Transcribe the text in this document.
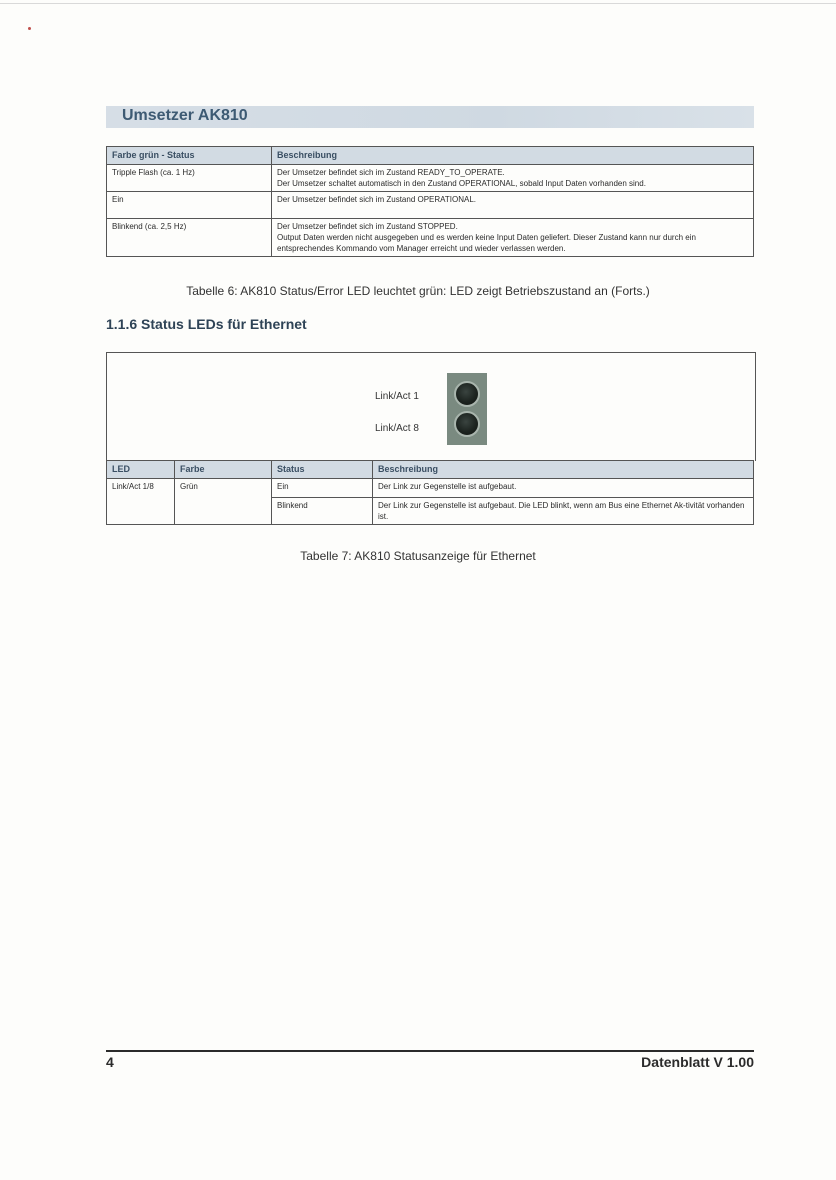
Umsetzer AK810
Farbe grün - Status	Beschreibung
Tripple Flash (ca. 1 Hz)	Der Umsetzer befindet sich im Zustand READY_TO_OPERATE.
Der Umsetzer schaltet automatisch in den Zustand OPERATIONAL, sobald Input Daten vorhanden sind.

Ein	Der Umsetzer befindet sich im Zustand OPERATIONAL.

Blinkend (ca. 2,5 Hz)	Der Umsetzer befindet sich im Zustand STOPPED.
Output Daten werden nicht ausgegeben und es werden keine Input Daten geliefert. Dieser Zustand kann nur durch ein entsprechendes Kommando vom Manager erreicht und wieder verlassen werden.
Tabelle 6: AK810 Status/Error LED leuchtet grün: LED zeigt Betriebszustand an (Forts.)
1.1.6 Status LEDs für Ethernet
Link/Act 1
Link/Act 8
LED	Farbe	Status	Beschreibung
Link/Act 1/8	Grün	Ein	Der Link zur Gegenstelle ist aufgebaut.
		Blinkend	Der Link zur Gegenstelle ist aufgebaut. Die LED blinkt, wenn am Bus eine Ethernet Ak-tivität vorhanden ist.
Tabelle 7: AK810 Statusanzeige für Ethernet
4	Datenblatt V 1.00
